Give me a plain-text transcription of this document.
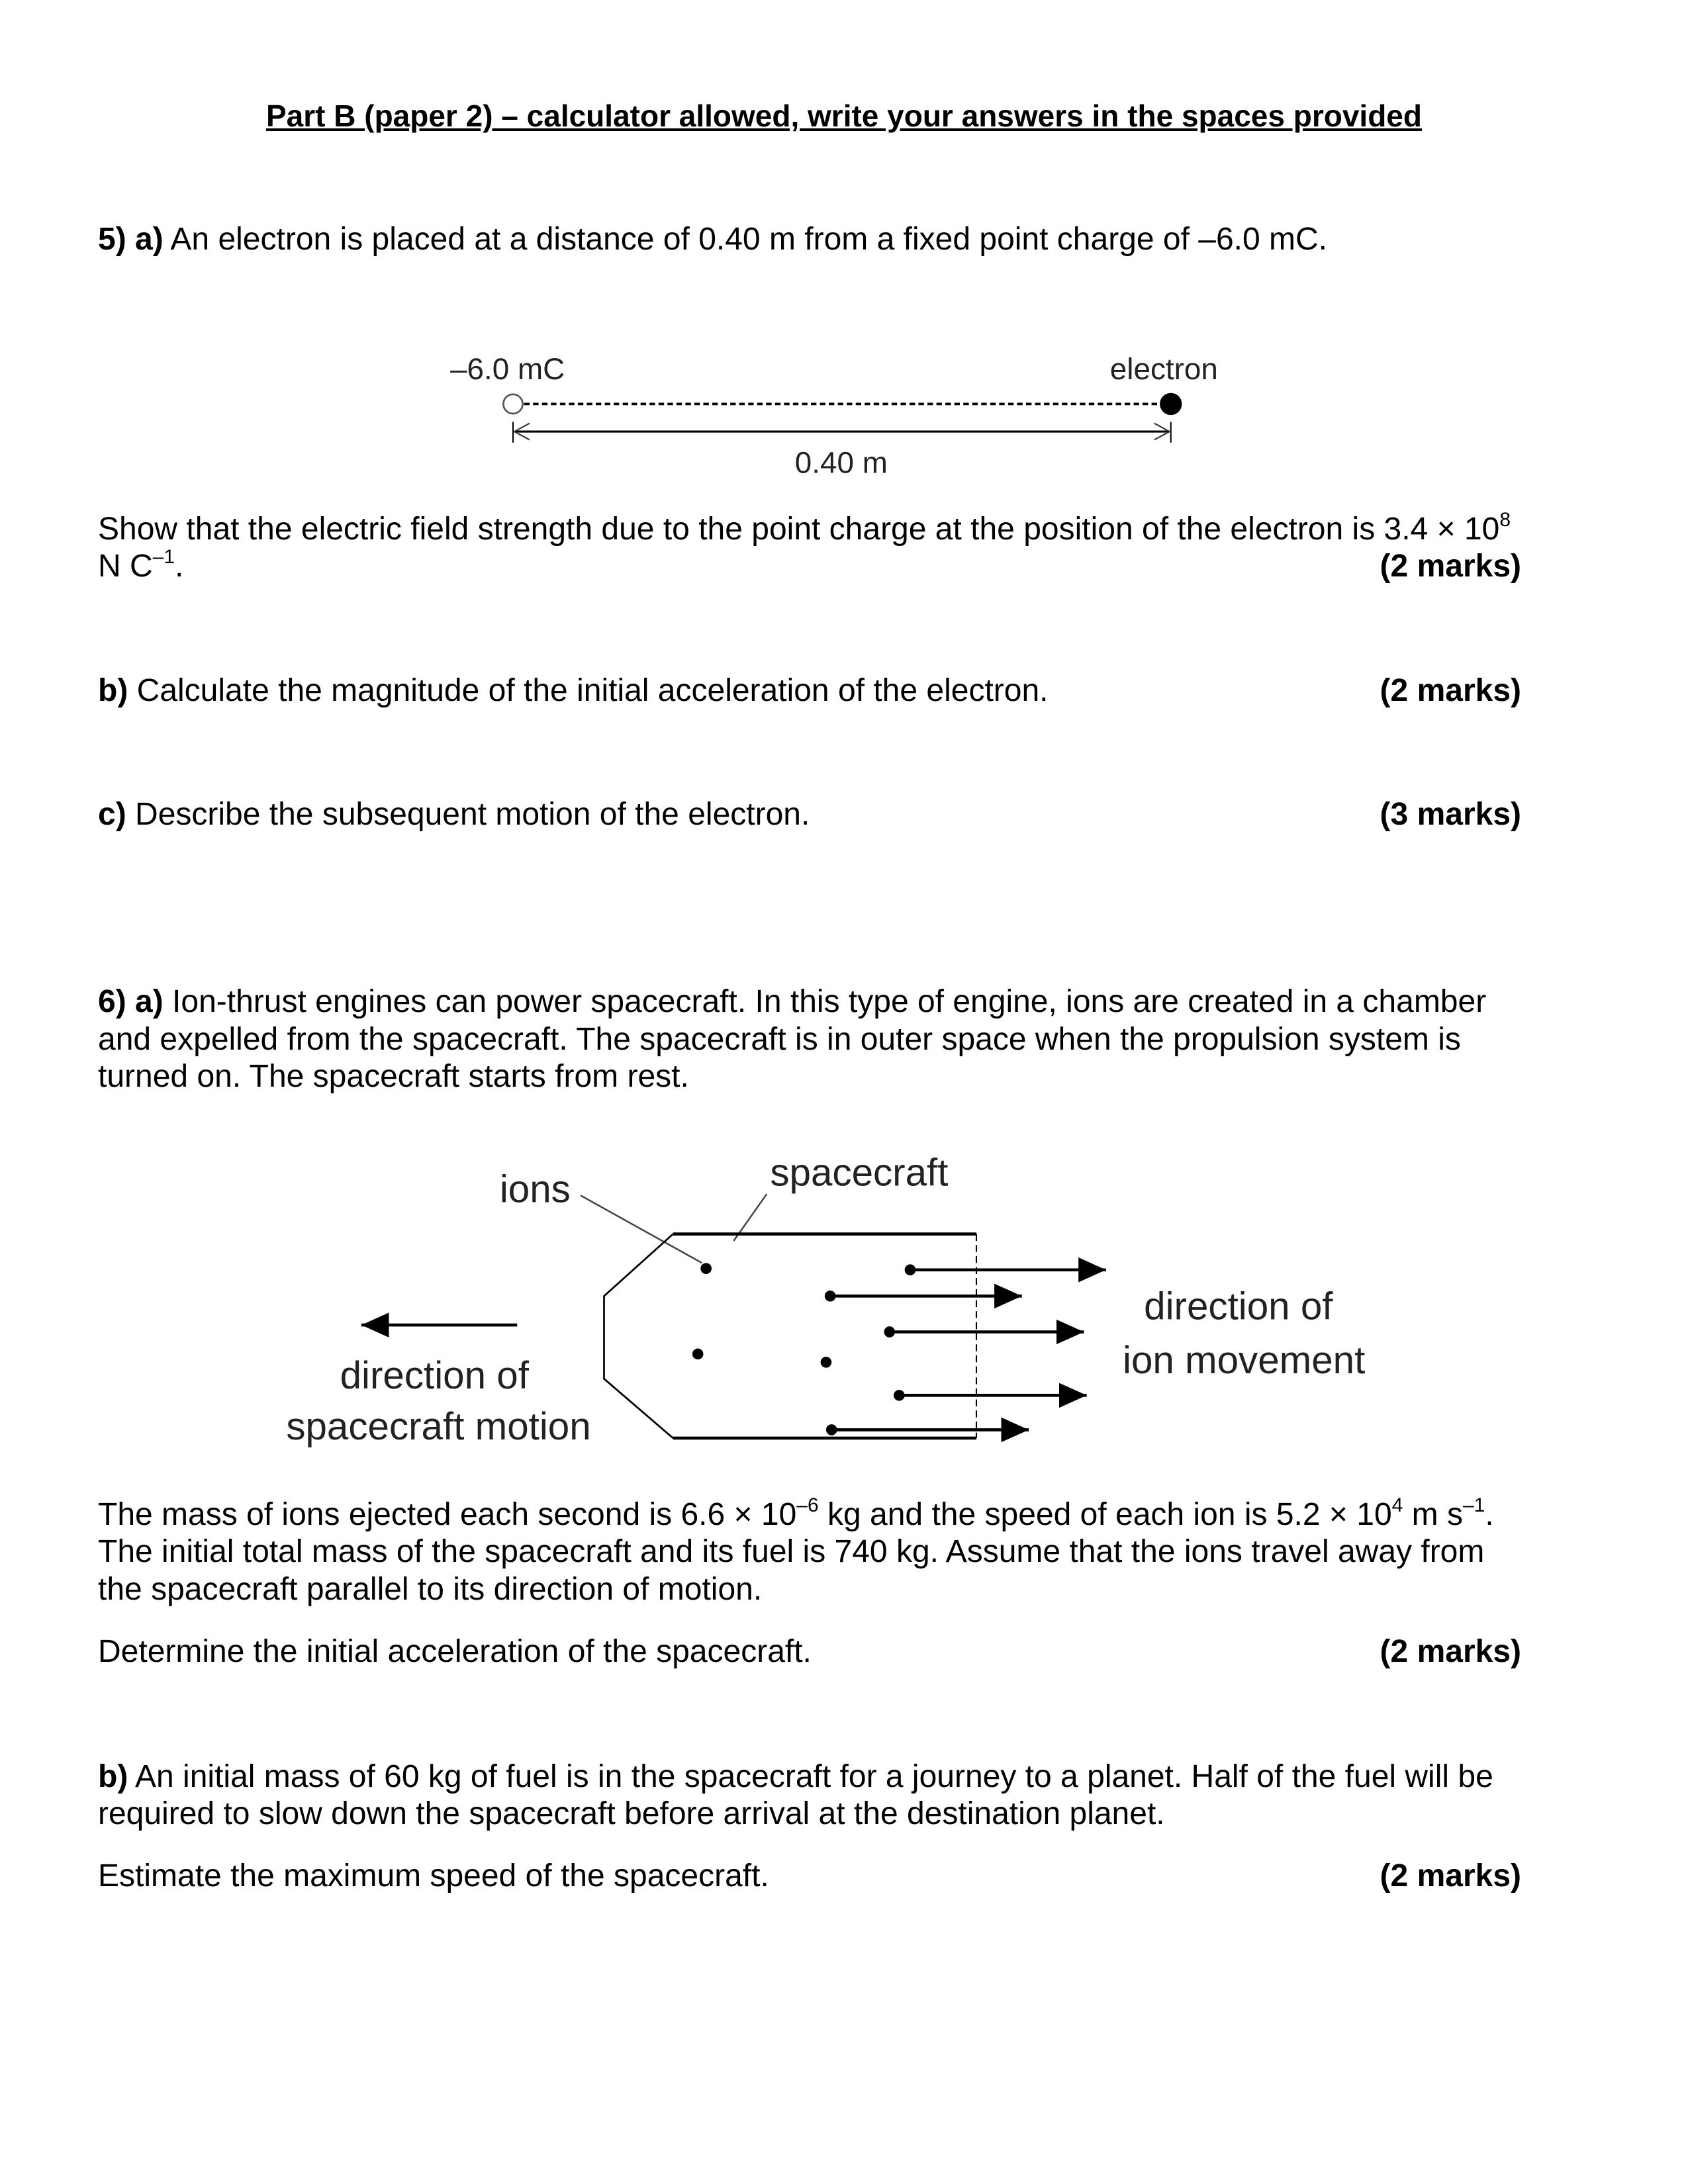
Part B (paper 2) – calculator allowed, write your answers in the spaces provided
5) a) An electron is placed at a distance of 0.40 m from a fixed point charge of –6.0 mC.
Show that the electric field strength due to the point charge at the position of the electron is $3.4 \times 10^8$
N $C^{-1}$.	(2 marks)
b) Calculate the magnitude of the initial acceleration of the electron.	(2 marks)
c) Describe the subsequent motion of the electron.	(3 marks)
6) a) Ion-thrust engines can power spacecraft. In this type of engine, ions are created in a chamber
and expelled from the spacecraft. The spacecraft is in outer space when the propulsion system is
turned on. The spacecraft starts from rest.
The mass of ions ejected each second is $6.6 \times 10^{-6}$ kg and the speed of each ion is $5.2 \times 10^4$ m $s^{-1}$.
The initial total mass of the spacecraft and its fuel is 740 kg. Assume that the ions travel away from
the spacecraft parallel to its direction of motion.
Determine the initial acceleration of the spacecraft.	(2 marks)
b) An initial mass of 60 kg of fuel is in the spacecraft for a journey to a planet. Half of the fuel will be
required to slow down the spacecraft before arrival at the destination planet.
Estimate the maximum speed of the spacecraft.	(2 marks)
–6.0 mC	electron
0.40 m
ions	spacecraft
direction of
ion movement
direction of
spacecraft motion
